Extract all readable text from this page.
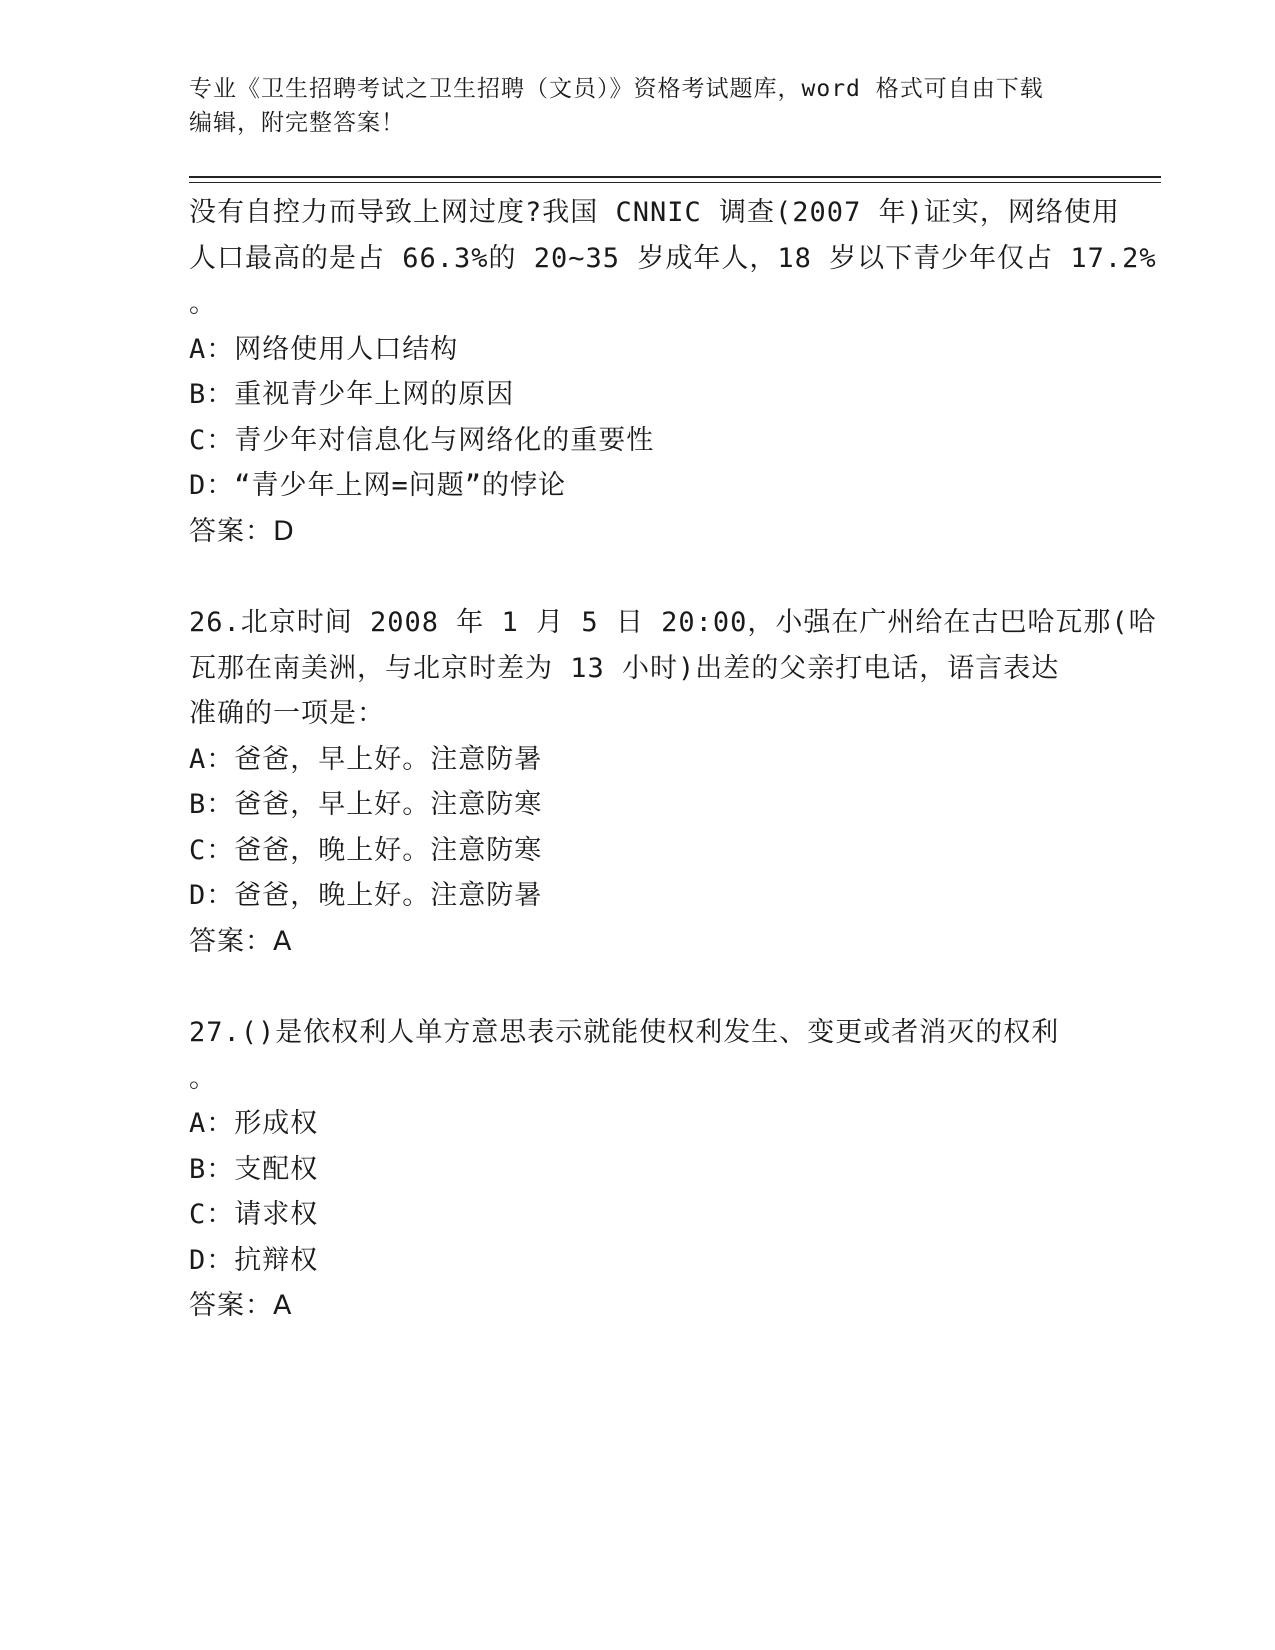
专业《卫生招聘考试之卫生招聘（文员）》资格考试题库，word 格式可自由下载
编辑，附完整答案！
没有自控力而导致上网过度?我国 CNNIC 调查(2007 年)证实，网络使用
人口最高的是占 66.3%的 20~35 岁成年人，18 岁以下青少年仅占 17.2%
。
A：网络使用人口结构
B：重视青少年上网的原因
C：青少年对信息化与网络化的重要性
D：“青少年上网=问题”的悖论
答案：D
26.北京时间 2008 年 1 月 5 日 20:00，小强在广州给在古巴哈瓦那(哈
瓦那在南美洲，与北京时差为 13 小时)出差的父亲打电话，语言表达
准确的一项是：
A：爸爸，早上好。注意防暑
B：爸爸，早上好。注意防寒
C：爸爸，晚上好。注意防寒
D：爸爸，晚上好。注意防暑
答案：A
27.()是依权利人单方意思表示就能使权利发生、变更或者消灭的权利
。
A：形成权
B：支配权
C：请求权
D：抗辩权
答案：A
